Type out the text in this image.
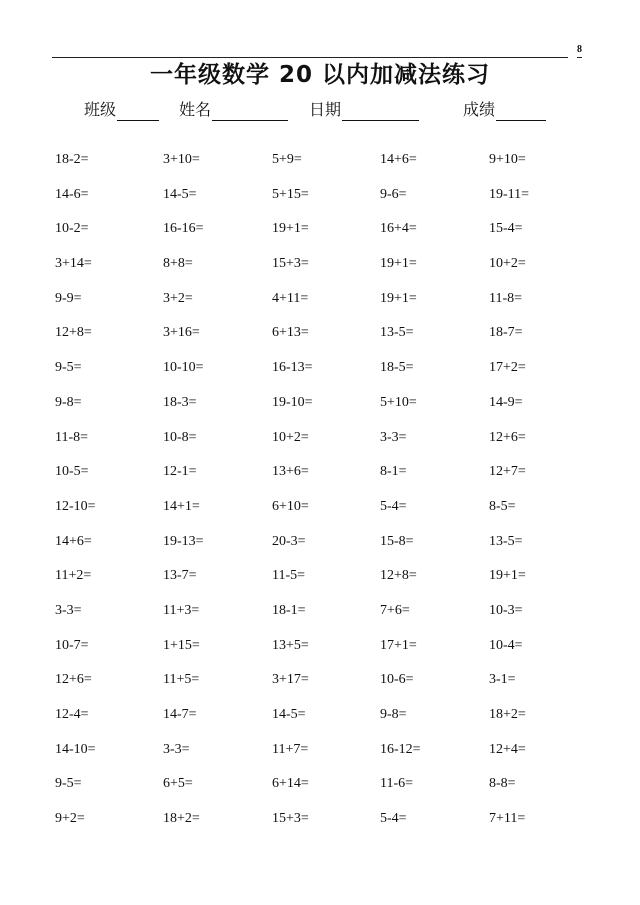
8
一年级数学 20 以内加减法练习
班级	姓名	日期	成绩
18-2=	3+10=	5+9=	14+6=	9+10=
14-6=	14-5=	5+15=	9-6=	19-11=
10-2=	16-16=	19+1=	16+4=	15-4=
3+14=	8+8=	15+3=	19+1=	10+2=
9-9=	3+2=	4+11=	19+1=	11-8=
12+8=	3+16=	6+13=	13-5=	18-7=
9-5=	10-10=	16-13=	18-5=	17+2=
9-8=	18-3=	19-10=	5+10=	14-9=
11-8=	10-8=	10+2=	3-3=	12+6=
10-5=	12-1=	13+6=	8-1=	12+7=
12-10=	14+1=	6+10=	5-4=	8-5=
14+6=	19-13=	20-3=	15-8=	13-5=
11+2=	13-7=	11-5=	12+8=	19+1=
3-3=	11+3=	18-1=	7+6=	10-3=
10-7=	1+15=	13+5=	17+1=	10-4=
12+6=	11+5=	3+17=	10-6=	3-1=
12-4=	14-7=	14-5=	9-8=	18+2=
14-10=	3-3=	11+7=	16-12=	12+4=
9-5=	6+5=	6+14=	11-6=	8-8=
9+2=	18+2=	15+3=	5-4=	7+11=
